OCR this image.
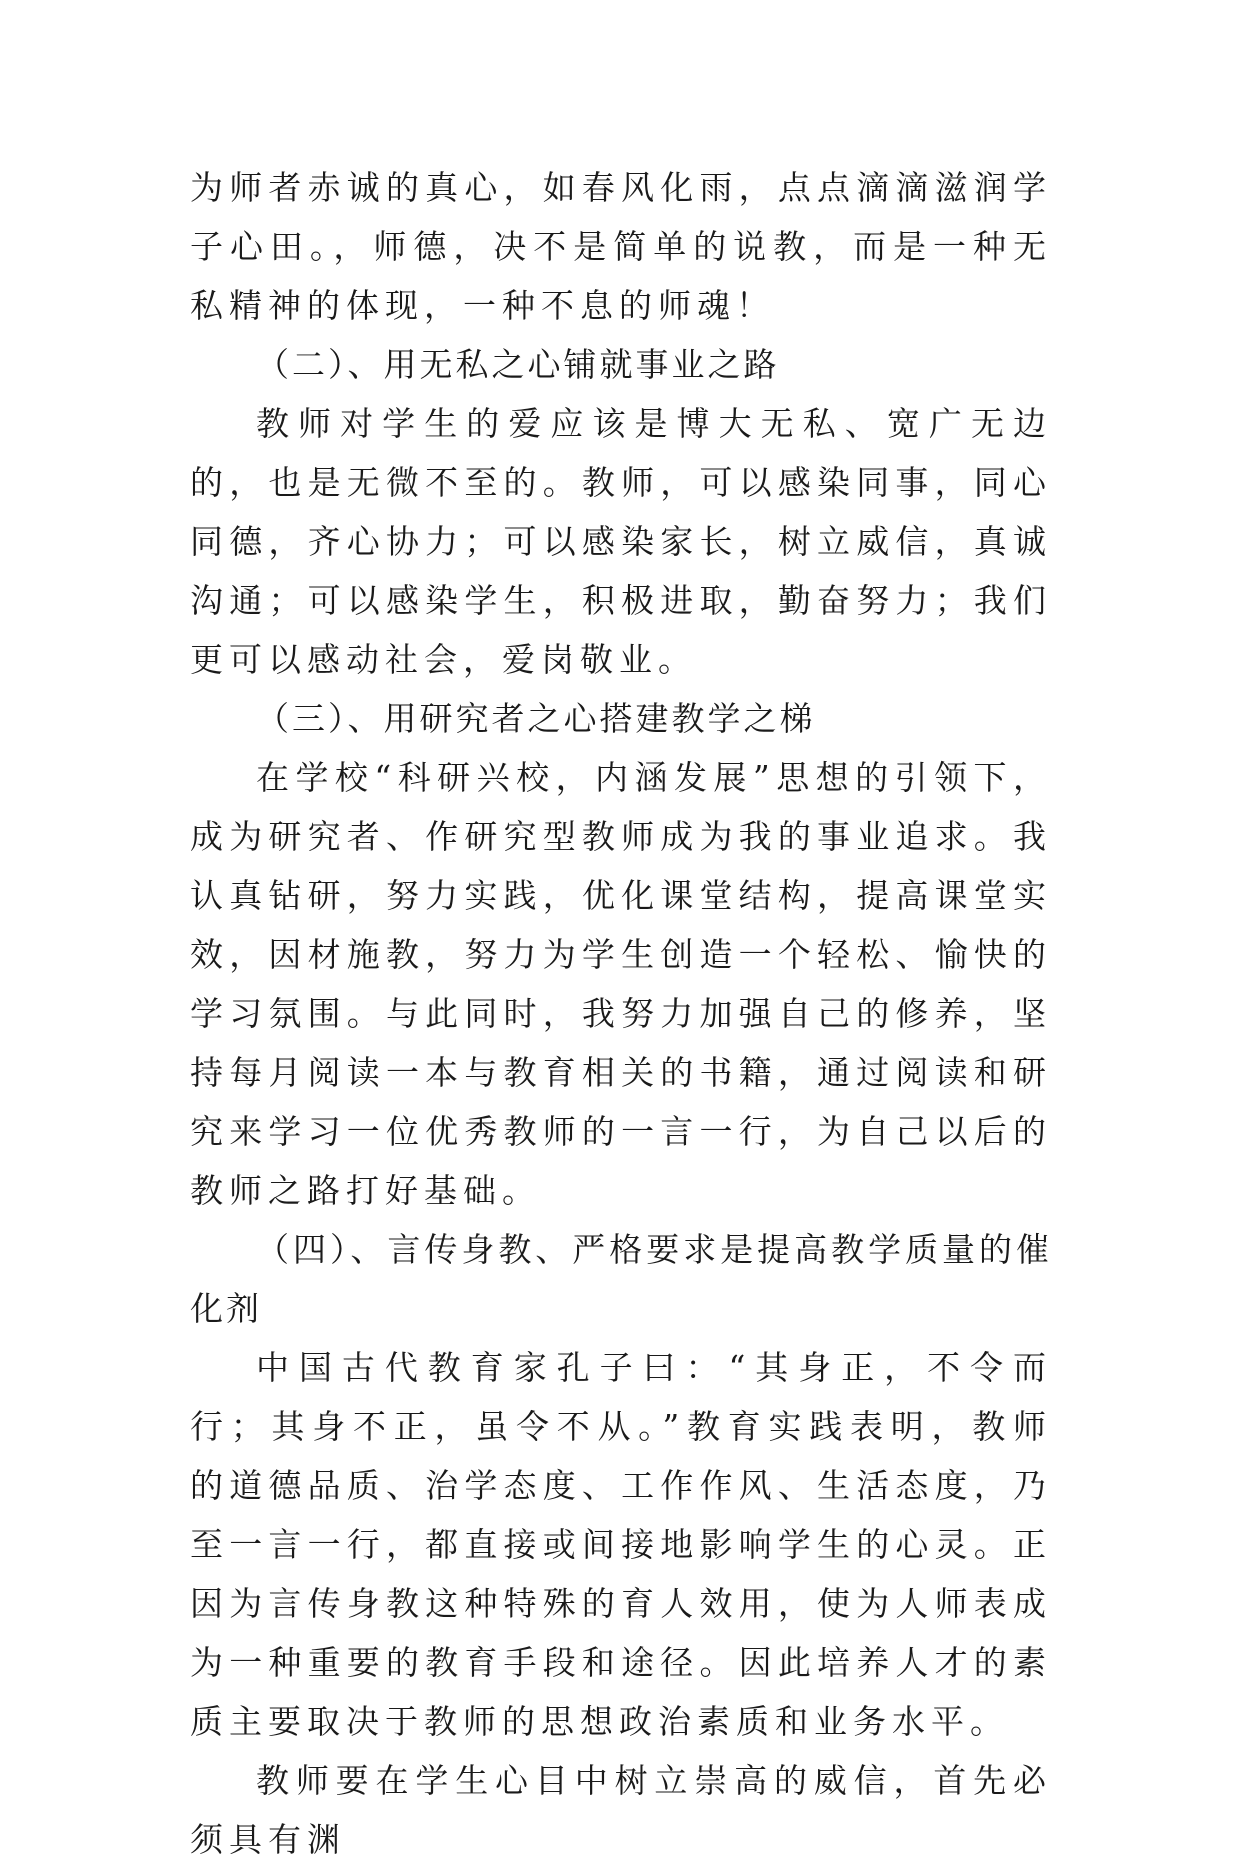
为师者赤诚的真心，如春风化雨，点点滴滴滋润学子心田。，师德，决不是简单的说教，而是一种无私精神的体现，一种不息的师魂！

（二）、用无私之心铺就事业之路

教师对学生的爱应该是博大无私、宽广无边的，也是无微不至的。教师，可以感染同事，同心同德，齐心协力；可以感染家长，树立威信，真诚沟通；可以感染学生，积极进取，勤奋努力；我们更可以感动社会，爱岗敬业。

（三）、用研究者之心搭建教学之梯

在学校“科研兴校，内涵发展”思想的引领下，成为研究者、作研究型教师成为我的事业追求。我认真钻研，努力实践，优化课堂结构，提高课堂实效，因材施教，努力为学生创造一个轻松、愉快的学习氛围。与此同时，我努力加强自己的修养，坚持每月阅读一本与教育相关的书籍，通过阅读和研究来学习一位优秀教师的一言一行，为自己以后的教师之路打好基础。

（四）、言传身教、严格要求是提高教学质量的催化剂

中国古代教育家孔子曰：“其身正，不令而行；其身不正，虽令不从。”教育实践表明，教师的道德品质、治学态度、工作作风、生活态度，乃至一言一行，都直接或间接地影响学生的心灵。正因为言传身教这种特殊的育人效用，使为人师表成为一种重要的教育手段和途径。因此培养人才的素质主要取决于教师的思想政治素质和业务水平。

教师要在学生心目中树立崇高的威信，首先必须具有渊
